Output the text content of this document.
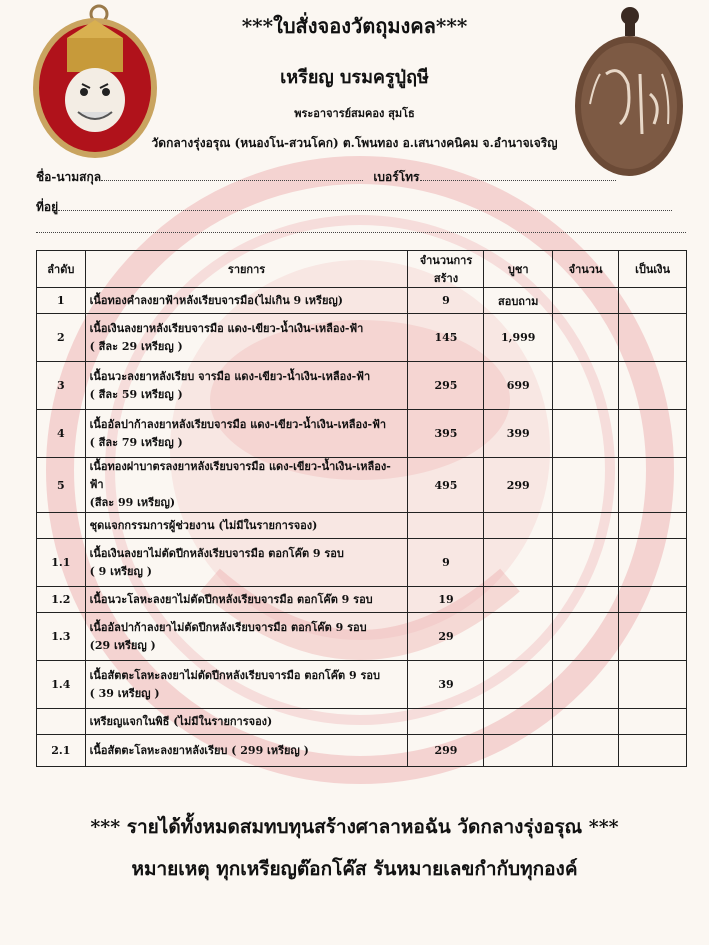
***ใบสั่งจองวัตถุมงคล***
เหรียญ บรมครูปู่ฤษี
พระอาจารย์สมคอง สุมโธ
วัดกลางรุ่งอรุณ (หนองโน-สวนโคก) ต.โพนทอง อ.เสนางคนิคม จ.อำนาจเจริญ
ชื่อ-นามสกุล	เบอร์โทร
ที่อยู่
ลำดับ	รายการ	จำนวนการสร้าง	บูชา	จำนวน	เป็นเงิน
1	เนื้อทองคำลงยาฟ้าหลังเรียบจารมือ(ไม่เกิน 9 เหรียญ)	9	สอบถาม		
2	เนื้อเงินลงยาหลังเรียบจารมือ แดง-เขียว-น้ำเงิน-เหลือง-ฟ้า
( สีละ 29 เหรียญ )	145	1,999		
3	เนื้อนวะลงยาหลังเรียบ จารมือ แดง-เขียว-น้ำเงิน-เหลือง-ฟ้า
( สีละ 59 เหรียญ )	295	699		
4	เนื้ออัลปาก้าลงยาหลังเรียบจารมือ แดง-เขียว-น้ำเงิน-เหลือง-ฟ้า
( สีละ 79 เหรียญ )	395	399		
5	เนื้อทองฝาบาตรลงยาหลังเรียบจารมือ แดง-เขียว-น้ำเงิน-เหลือง-ฟ้า
(สีละ 99 เหรียญ)	495	299		

	ชุดแจกกรรมการผู้ช่วยงาน (ไม่มีในรายการจอง)				

1.1	เนื้อเงินลงยาไม่ตัดปีกหลังเรียบจารมือ ตอกโค๊ต 9 รอบ
( 9 เหรียญ )	9			
1.2	เนื้อนวะโลหะลงยาไม่ตัดปีกหลังเรียบจารมือ ตอกโค๊ต 9 รอบ	19			
1.3	เนื้ออัลปาก้าลงยาไม่ตัดปีกหลังเรียบจารมือ ตอกโค๊ต 9 รอบ
(29 เหรียญ )	29			
1.4	เนื้อสัตตะโลหะลงยาไม่ตัดปีกหลังเรียบจารมือ ตอกโค๊ต 9 รอบ
( 39 เหรียญ )	39			

	เหรียญแจกในพิธี (ไม่มีในรายการจอง)				

2.1	เนื้อสัตตะโลหะลงยาหลังเรียบ ( 299 เหรียญ )	299			
*** รายได้ทั้งหมดสมทบทุนสร้างศาลาหอฉัน วัดกลางรุ่งอรุณ ***
หมายเหตุ ทุกเหรียญต๊อกโค๊ส รันหมายเลขกำกับทุกองค์
